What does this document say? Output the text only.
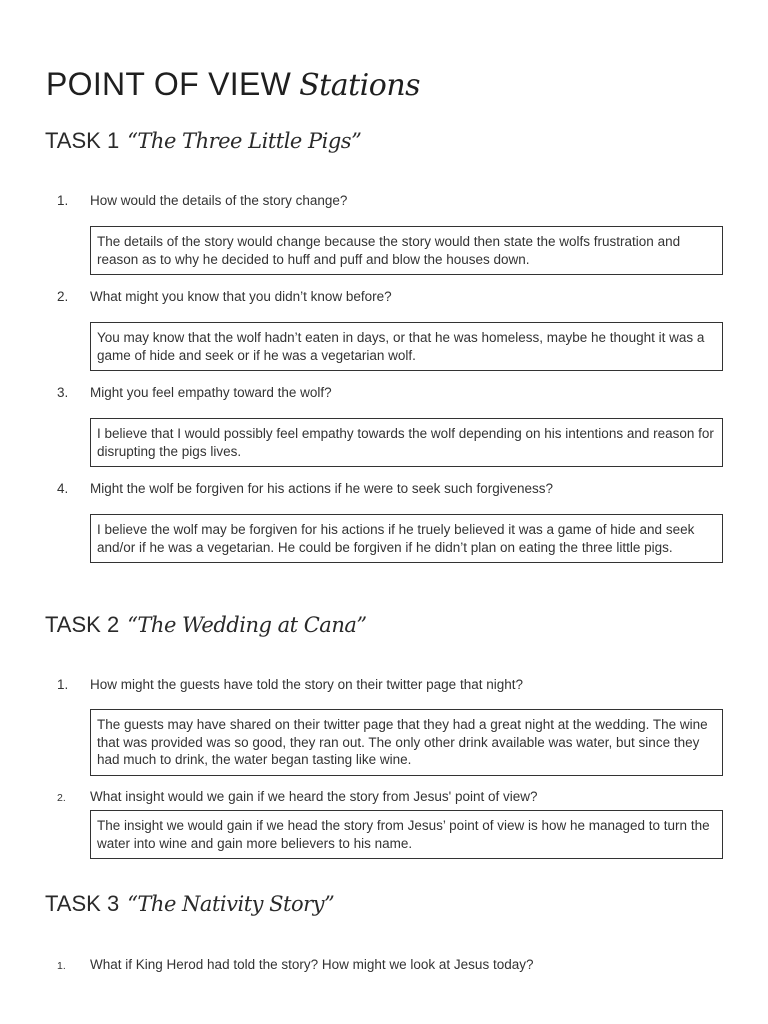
POINT OF VIEW Stations
TASK 1 “The Three Little Pigs”
1. How would the details of the story change?
The details of the story would change because the story would then state the wolfs frustration and reason as to why he decided to huff and puff and blow the houses down.
2. What might you know that you didn’t know before?
You may know that the wolf hadn’t eaten in days, or that he was homeless, maybe he thought it was a game of hide and seek or if he was a vegetarian wolf.
3. Might you feel empathy toward the wolf?
I believe that I would possibly feel empathy towards the wolf depending on his intentions and reason for disrupting the pigs lives.
4. Might the wolf be forgiven for his actions if he were to seek such forgiveness?
I believe the wolf may be forgiven for his actions if he truely believed it was a game of hide and seek and/or if he was a vegetarian. He could be forgiven if he didn’t plan on eating the three little pigs.
TASK 2 “The Wedding at Cana”
1. How might the guests have told the story on their twitter page that night?
The guests may have shared on their twitter page that they had a great night at the wedding. The wine that was provided was so good, they ran out. The only other drink available was water, but since they had much to drink, the water began tasting like wine.
2. What insight would we gain if we heard the story from Jesus' point of view?
The insight we would gain if we head the story from Jesus’ point of view is how he managed to turn the water into wine and gain more believers to his name.
TASK 3 “The Nativity Story”
1. What if King Herod had told the story? How might we look at Jesus today?
